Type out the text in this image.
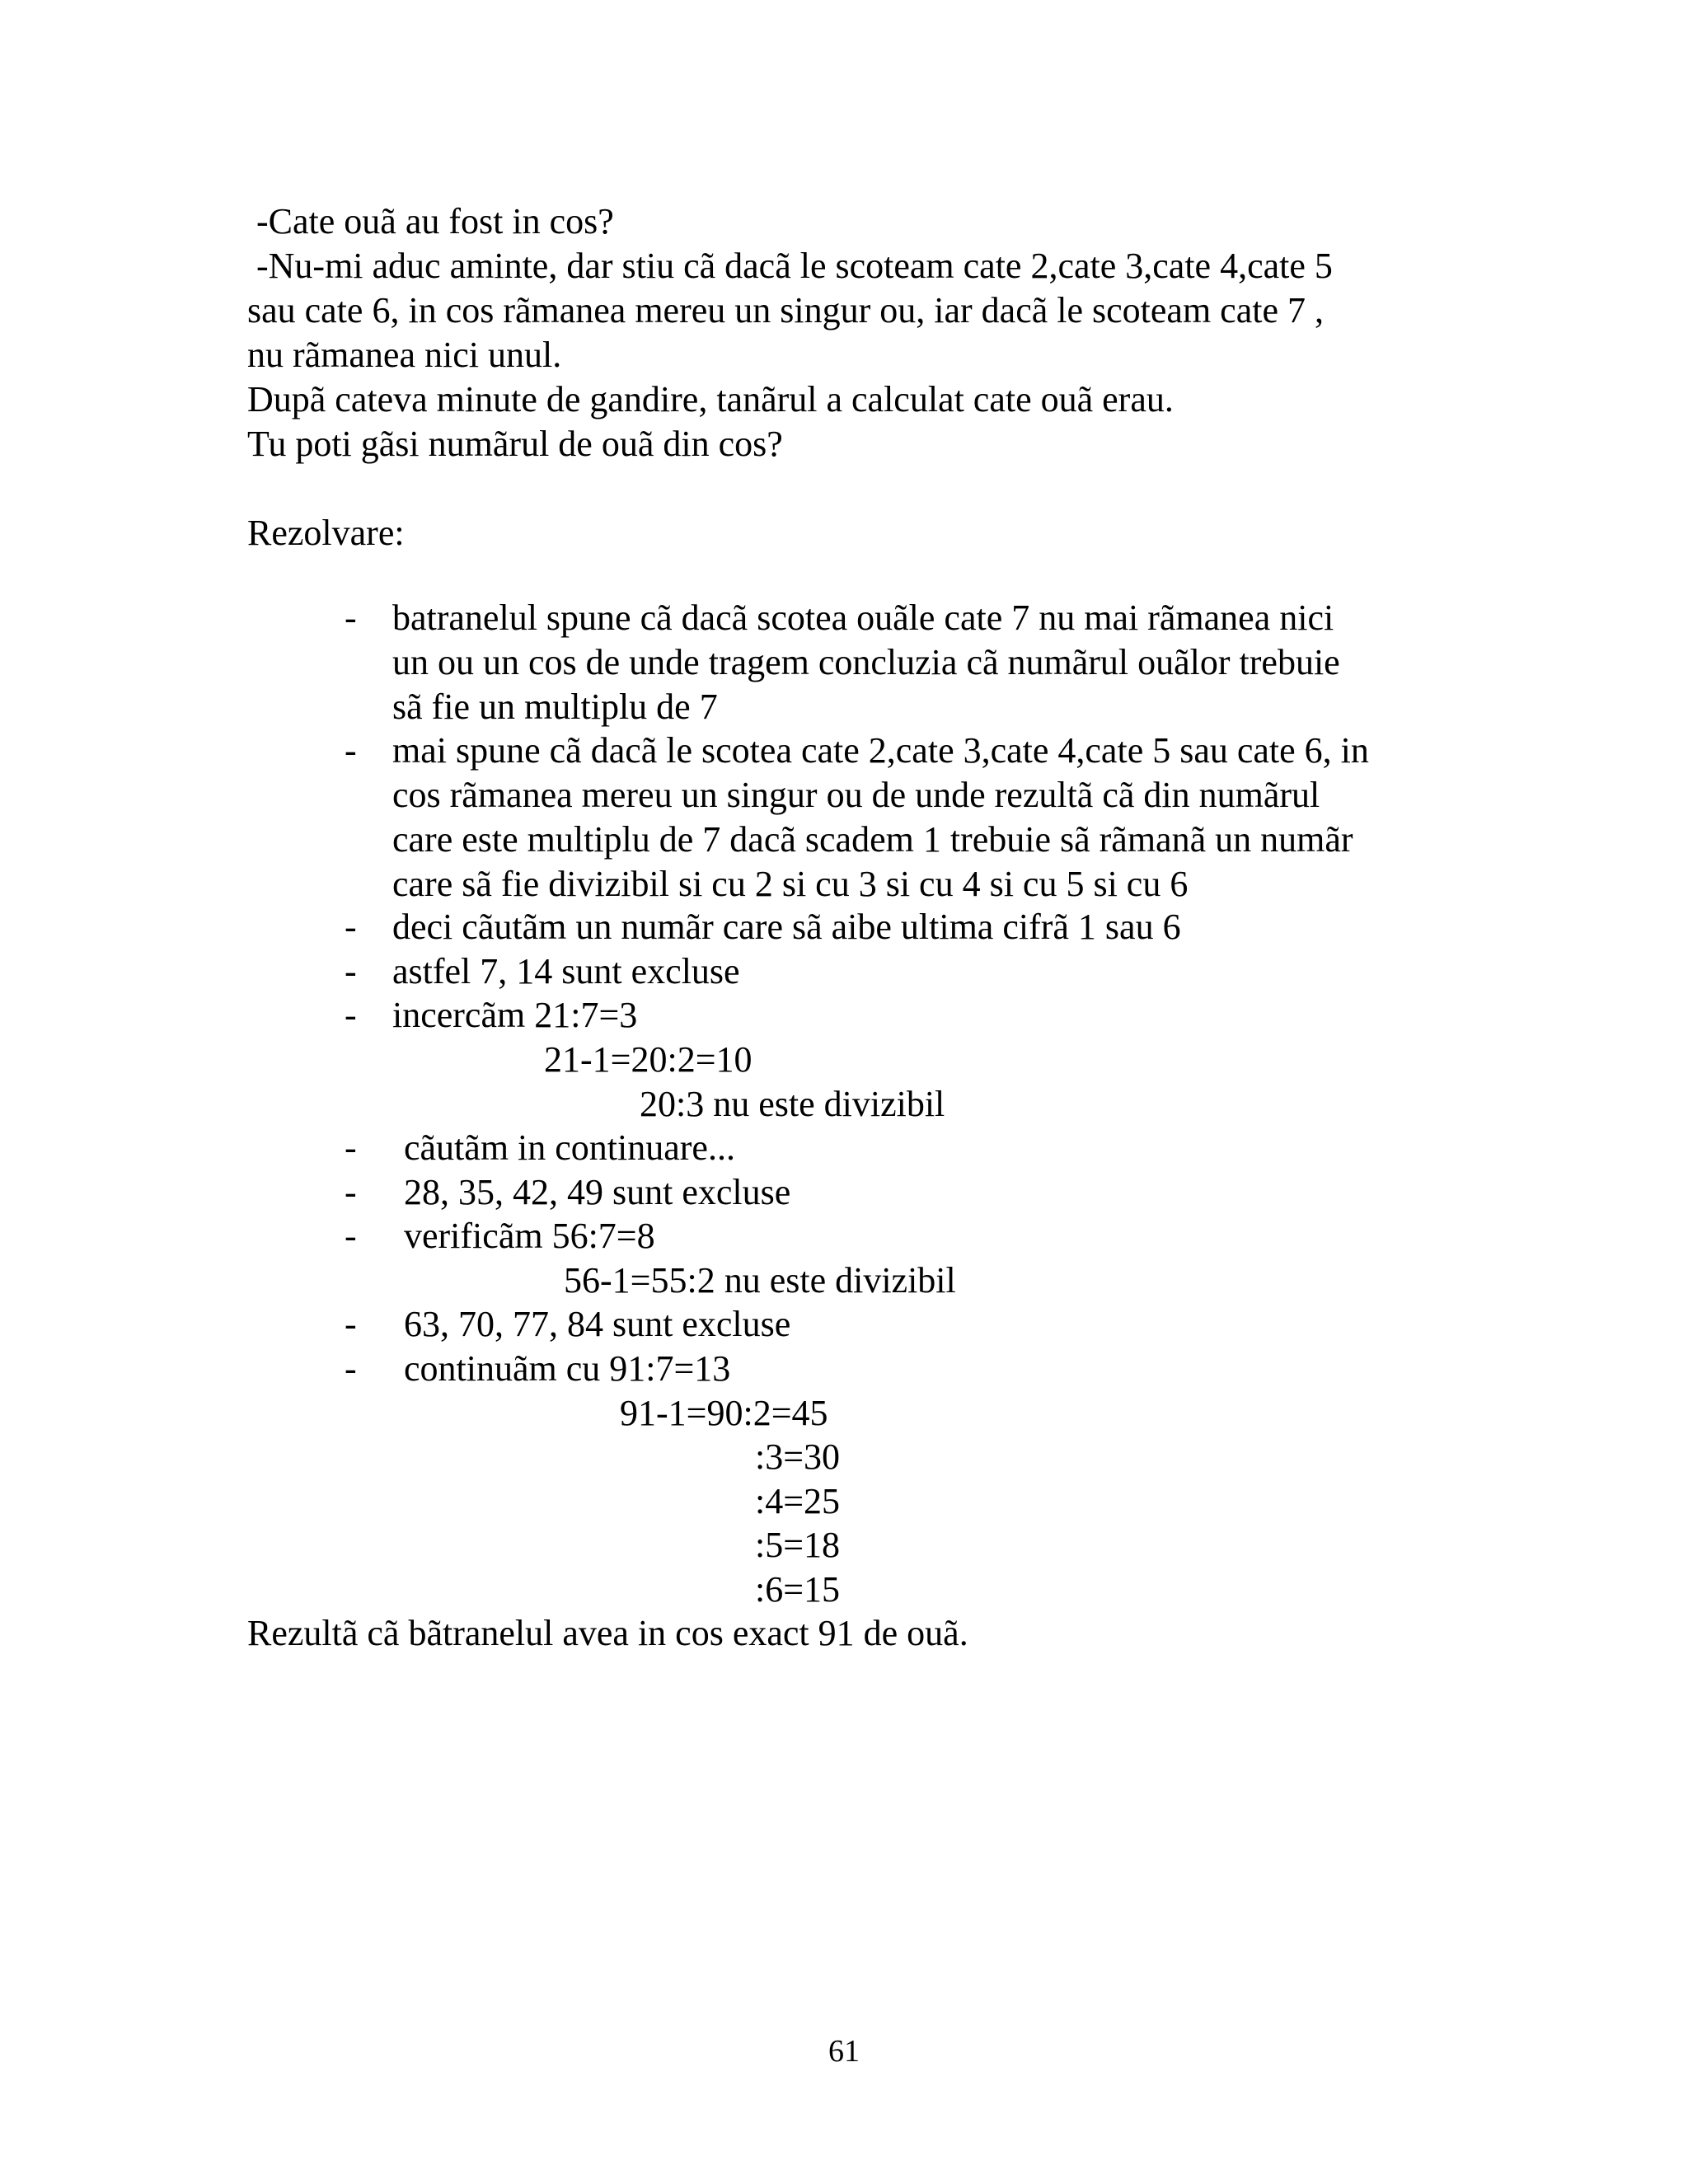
-Cate ouã au fost in cos?
-Nu-mi aduc aminte, dar stiu cã dacã le scoteam cate 2,cate 3,cate 4,cate 5
sau cate 6, in cos rãmanea mereu un singur ou, iar dacã le scoteam cate 7 ,
nu rãmanea nici unul.
Dupã cateva minute de gandire, tanãrul a calculat cate ouã erau.
Tu poti gãsi numãrul de ouã din cos?
Rezolvare:
- batranelul spune cã dacã scotea ouãle cate 7 nu mai rãmanea nici
un ou un cos de unde tragem concluzia cã numãrul ouãlor trebuie
sã fie un multiplu de 7
- mai spune cã dacã le scotea cate 2,cate 3,cate 4,cate 5 sau cate 6, in
cos rãmanea mereu un singur ou de unde rezultã cã din numãrul
care este multiplu de 7 dacã scadem 1 trebuie sã rãmanã un numãr
care sã fie divizibil si cu 2 si cu 3 si cu 4 si cu 5 si cu 6
- deci cãutãm un numãr care sã aibe ultima cifrã 1 sau 6
- astfel 7, 14 sunt excluse
- incercãm 21:7=3
21-1=20:2=10
20:3 nu este divizibil
- cãutãm in continuare...
- 28, 35, 42, 49 sunt excluse
- verificãm 56:7=8
56-1=55:2 nu este divizibil
- 63, 70, 77, 84 sunt excluse
- continuãm cu 91:7=13
91-1=90:2=45
:3=30
:4=25
:5=18
:6=15
Rezultã cã bãtranelul avea in cos exact 91 de ouã.
61
